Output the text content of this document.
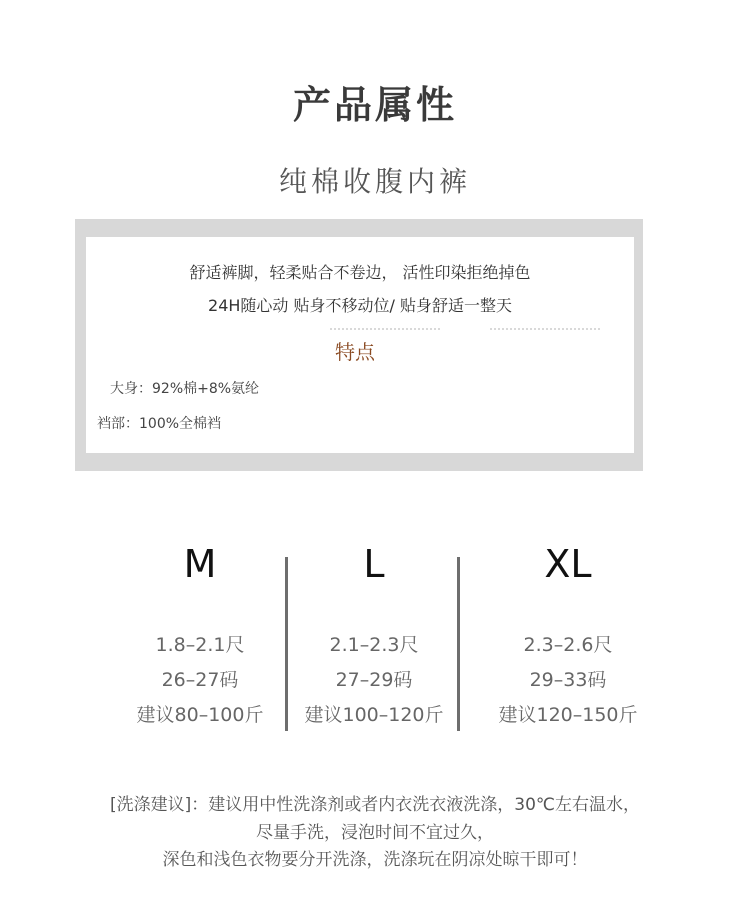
产品属性
纯棉收腹内裤
舒适裤脚，轻柔贴合不卷边， 活性印染拒绝掉色
24H随心动 贴身不移动位/ 贴身舒适一整天
特点
大身：92%棉+8%氨纶
裆部：100%全棉裆
M
1.8–2.1尺
26–27码
建议80–100斤
L
2.1–2.3尺
27–29码
建议100–120斤
XL
2.3–2.6尺
29–33码
建议120–150斤
[洗涤建议]：建议用中性洗涤剂或者内衣洗衣液洗涤，30℃左右温水，
尽量手洗，浸泡时间不宜过久，
深色和浅色衣物要分开洗涤，洗涤玩在阴凉处晾干即可！
